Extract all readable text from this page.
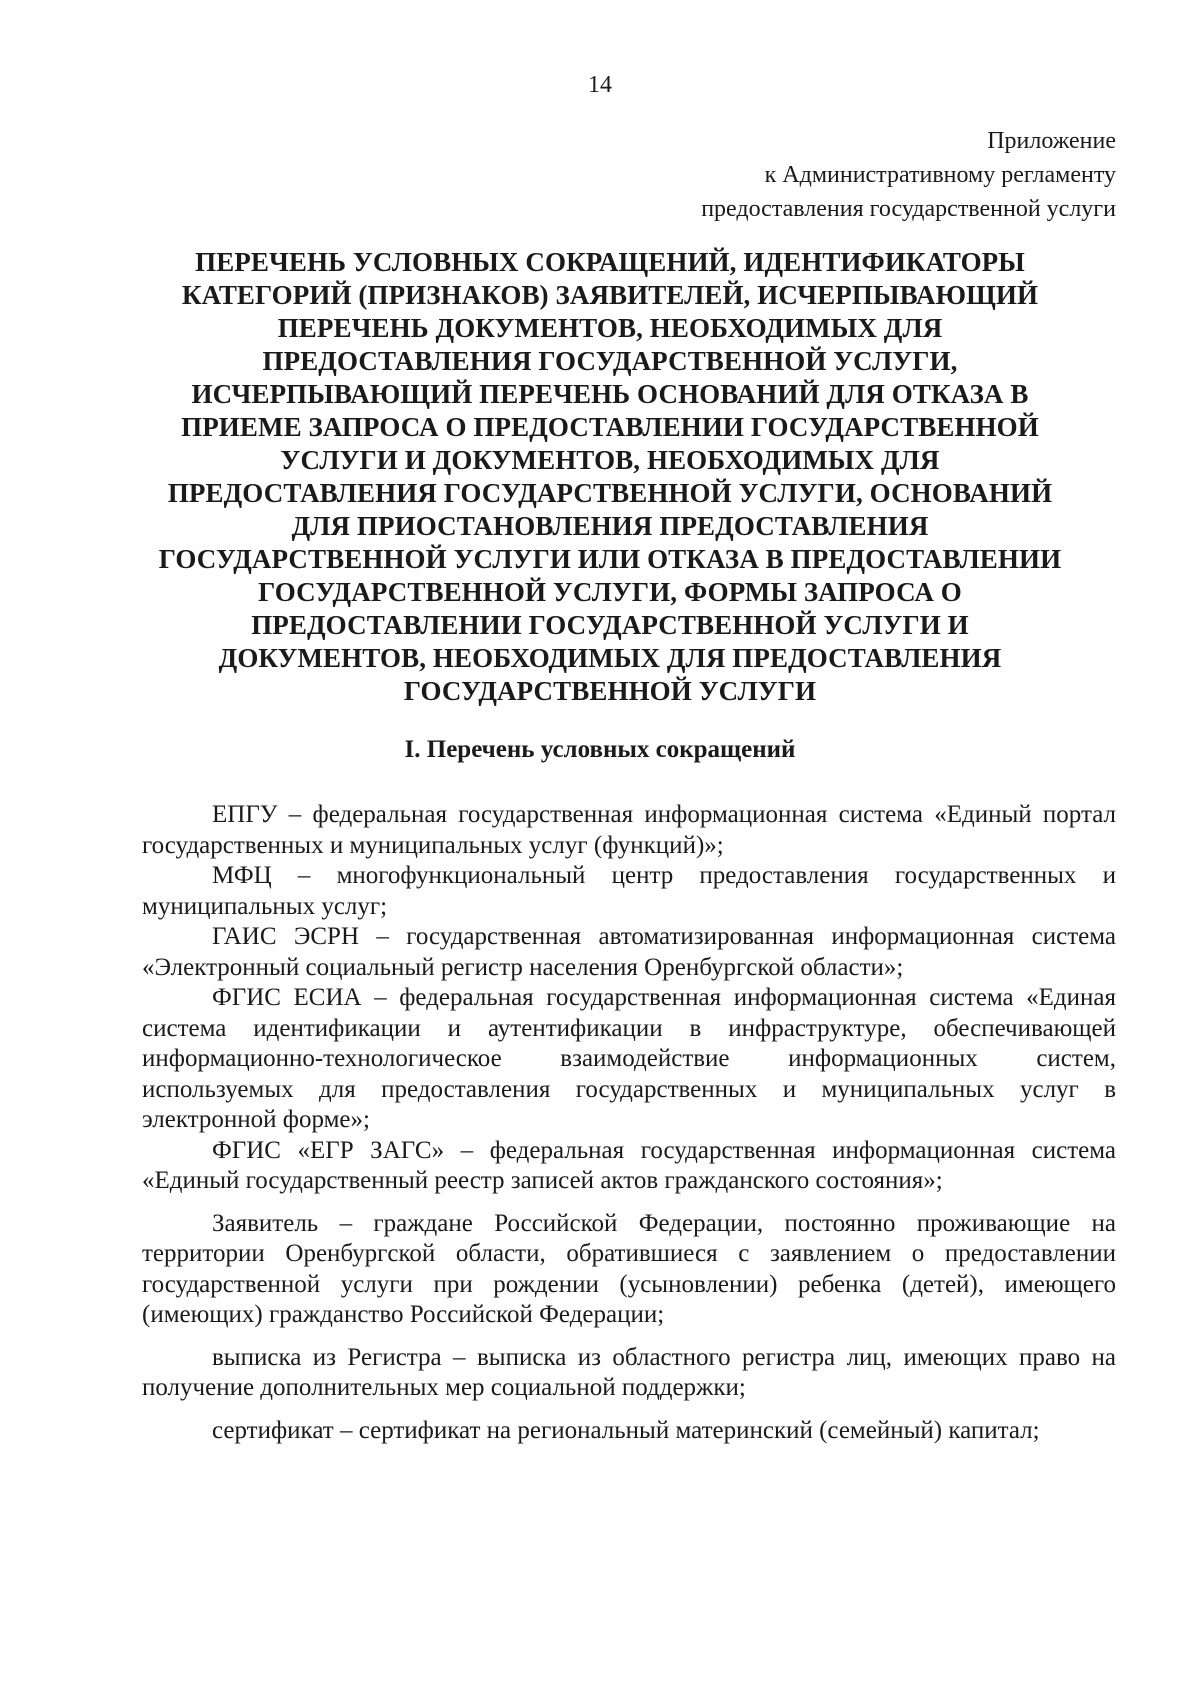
14
Приложение
к Административному регламенту
предоставления государственной услуги
ПЕРЕЧЕНЬ УСЛОВНЫХ СОКРАЩЕНИЙ, ИДЕНТИФИКАТОРЫ
КАТЕГОРИЙ (ПРИЗНАКОВ) ЗАЯВИТЕЛЕЙ, ИСЧЕРПЫВАЮЩИЙ
ПЕРЕЧЕНЬ ДОКУМЕНТОВ, НЕОБХОДИМЫХ ДЛЯ
ПРЕДОСТАВЛЕНИЯ ГОСУДАРСТВЕННОЙ УСЛУГИ,
ИСЧЕРПЫВАЮЩИЙ ПЕРЕЧЕНЬ ОСНОВАНИЙ ДЛЯ ОТКАЗА В
ПРИЕМЕ ЗАПРОСА О ПРЕДОСТАВЛЕНИИ ГОСУДАРСТВЕННОЙ
УСЛУГИ И ДОКУМЕНТОВ, НЕОБХОДИМЫХ ДЛЯ
ПРЕДОСТАВЛЕНИЯ ГОСУДАРСТВЕННОЙ УСЛУГИ, ОСНОВАНИЙ
ДЛЯ ПРИОСТАНОВЛЕНИЯ ПРЕДОСТАВЛЕНИЯ
ГОСУДАРСТВЕННОЙ УСЛУГИ ИЛИ ОТКАЗА В ПРЕДОСТАВЛЕНИИ
ГОСУДАРСТВЕННОЙ УСЛУГИ, ФОРМЫ ЗАПРОСА О
ПРЕДОСТАВЛЕНИИ ГОСУДАРСТВЕННОЙ УСЛУГИ И
ДОКУМЕНТОВ, НЕОБХОДИМЫХ ДЛЯ ПРЕДОСТАВЛЕНИЯ
ГОСУДАРСТВЕННОЙ УСЛУГИ
I. Перечень условных сокращений

ЕПГУ – федеральная государственная информационная система «Единый портал государственных и муниципальных услуг (функций)»;

МФЦ – многофункциональный центр предоставления государственных и муниципальных услуг;

ГАИС ЭСРН – государственная автоматизированная информационная система «Электронный социальный регистр населения Оренбургской области»;

ФГИС ЕСИА – федеральная государственная информационная система «Единая система идентификации и аутентификации в инфраструктуре, обеспечивающей информационно-технологическое взаимодействие информационных систем, используемых для предоставления государственных и муниципальных услуг в электронной форме»;

ФГИС «ЕГР ЗАГС» – федеральная государственная информационная система «Единый государственный реестр записей актов гражданского состояния»;

Заявитель – граждане Российской Федерации, постоянно проживающие на территории Оренбургской области, обратившиеся с заявлением о предоставлении государственной услуги при рождении (усыновлении) ребенка (детей), имеющего (имеющих) гражданство Российской Федерации;

выписка из Регистра – выписка из областного регистра лиц, имеющих право на получение дополнительных мер социальной поддержки;

сертификат – сертификат на региональный материнский (семейный) капитал;
